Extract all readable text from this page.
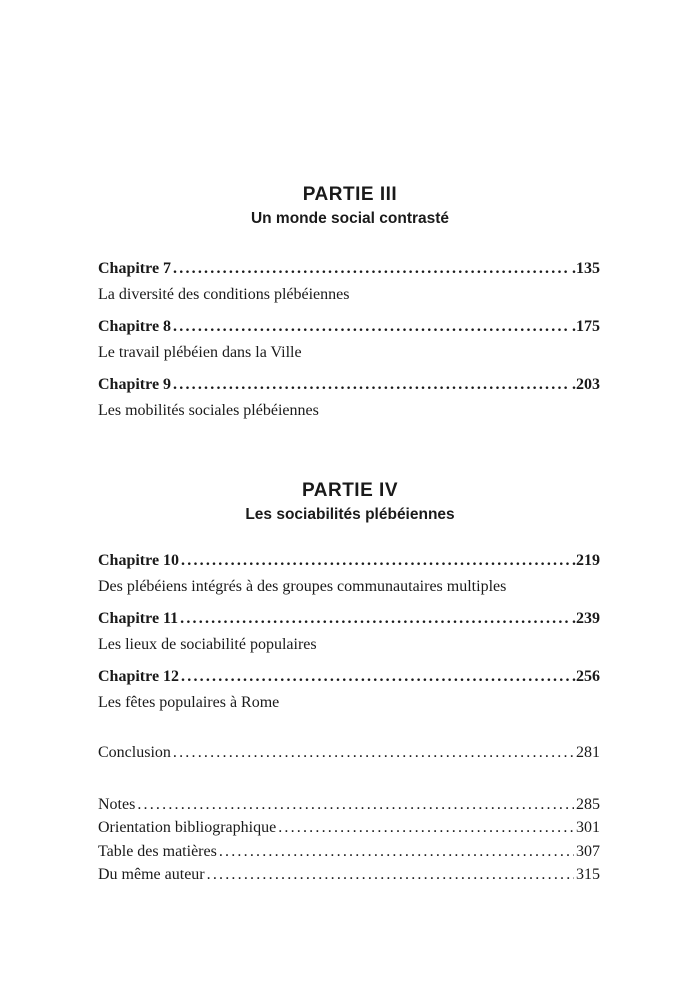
PARTIE III

Un monde social contrasté

Chapitre 7 .....	.135
La diversité des conditions plébéiennes
Chapitre 8 .....	.175
Le travail plébéien dans la Ville
Chapitre 9 .....	.203
Les mobilités sociales plébéiennes

PARTIE IV

Les sociabilités plébéiennes

Chapitre 10 .....	.219
Des plébéiens intégrés à des groupes communautaires multiples
Chapitre 11 .....	.239
Les lieux de sociabilité populaires
Chapitre 12 .....	.256
Les fêtes populaires à Rome
Conclusion .....	281
Notes .....	285
Orientation bibliographique .....	301
Table des matières .....	307
Du même auteur .....	315
